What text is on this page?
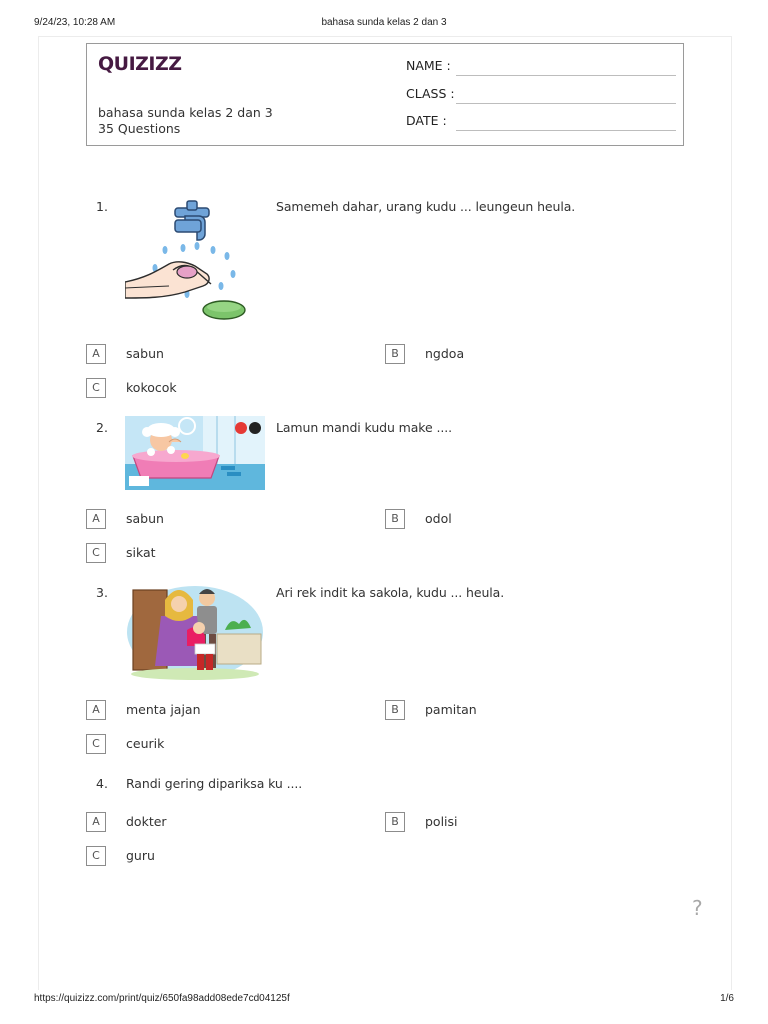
9/24/23, 10:28 AM	bahasa sunda kelas 2 dan 3
QUIZIZZ
bahasa sunda kelas 2 dan 3
35 Questions
NAME :
CLASS :
DATE :
1.	Samemeh dahar, urang kudu ... leungeun heula.
A	sabun	B	ngdoa
C	kokocok
2.	Lamun mandi kudu make ....
A	sabun	B	odol
C	sikat
3.	Ari rek indit ka sakola, kudu ... heula.
A	menta jajan	B	pamitan
C	ceurik
4. Randi gering dipariksa ku ....
A	dokter	B	polisi
C	guru
?
https://quizizz.com/print/quiz/650fa98add08ede7cd04125f	1/6
